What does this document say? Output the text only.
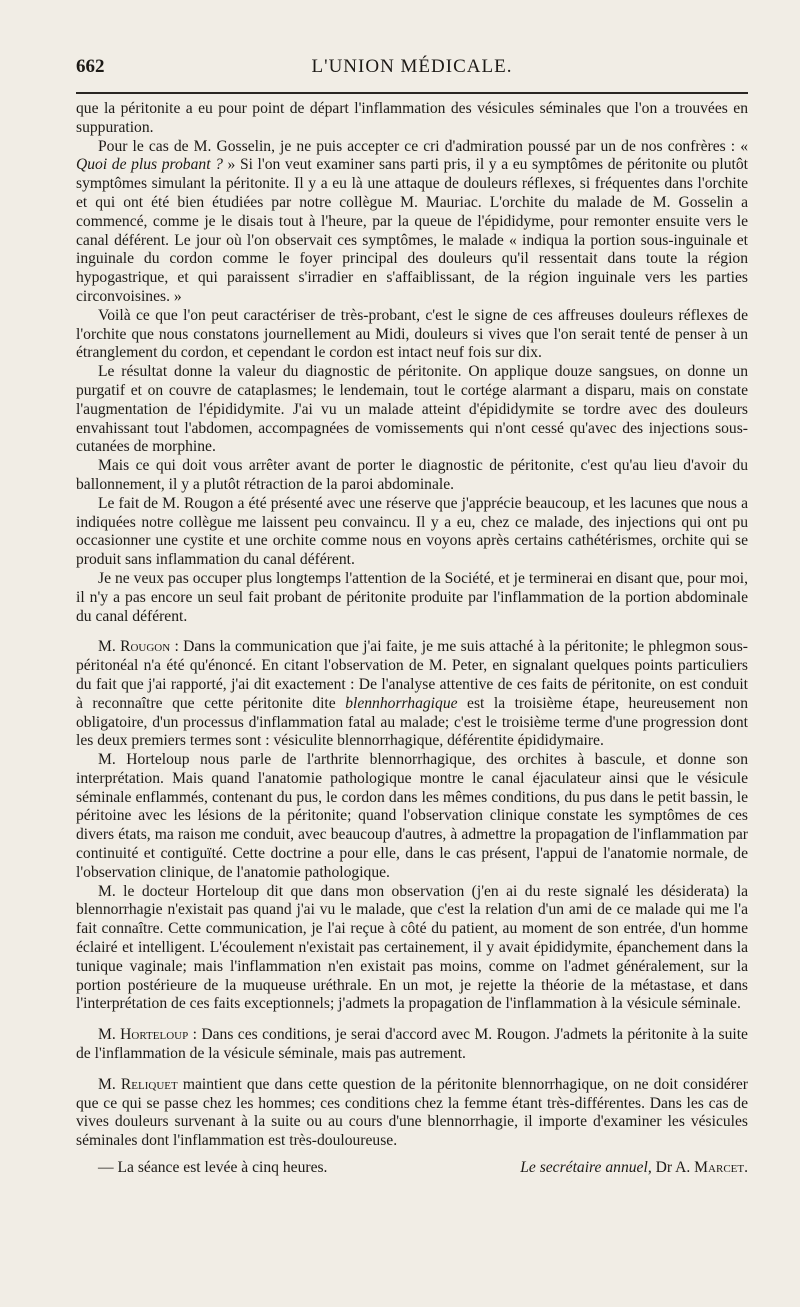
662	L'UNION MÉDICALE.

que la péritonite a eu pour point de départ l'inflammation des vésicules séminales que l'on a trouvées en suppuration.

Pour le cas de M. Gosselin, je ne puis accepter ce cri d'admiration poussé par un de nos confrères : « Quoi de plus probant ? » Si l'on veut examiner sans parti pris, il y a eu symptômes de péritonite ou plutôt symptômes simulant la péritonite. Il y a eu là une attaque de douleurs réflexes, si fréquentes dans l'orchite et qui ont été bien étudiées par notre collègue M. Mauriac. L'orchite du malade de M. Gosselin a commencé, comme je le disais tout à l'heure, par la queue de l'épididyme, pour remonter ensuite vers le canal déférent. Le jour où l'on observait ces symptômes, le malade « indiqua la portion sous-inguinale et inguinale du cordon comme le foyer principal des douleurs qu'il ressentait dans toute la région hypogastrique, et qui paraissent s'irradier en s'affaiblissant, de la région inguinale vers les parties circonvoisines. »

Voilà ce que l'on peut caractériser de très-probant, c'est le signe de ces affreuses douleurs réflexes de l'orchite que nous constatons journellement au Midi, douleurs si vives que l'on serait tenté de penser à un étranglement du cordon, et cependant le cordon est intact neuf fois sur dix.

Le résultat donne la valeur du diagnostic de péritonite. On applique douze sangsues, on donne un purgatif et on couvre de cataplasmes; le lendemain, tout le cortége alarmant a disparu, mais on constate l'augmentation de l'épididymite. J'ai vu un malade atteint d'épididymite se tordre avec des douleurs envahissant tout l'abdomen, accompagnées de vomissements qui n'ont cessé qu'avec des injections sous-cutanées de morphine.

Mais ce qui doit vous arrêter avant de porter le diagnostic de péritonite, c'est qu'au lieu d'avoir du ballonnement, il y a plutôt rétraction de la paroi abdominale.

Le fait de M. Rougon a été présenté avec une réserve que j'apprécie beaucoup, et les lacunes que nous a indiquées notre collègue me laissent peu convaincu. Il y a eu, chez ce malade, des injections qui ont pu occasionner une cystite et une orchite comme nous en voyons après certains cathétérismes, orchite qui se produit sans inflammation du canal déférent.

Je ne veux pas occuper plus longtemps l'attention de la Société, et je terminerai en disant que, pour moi, il n'y a pas encore un seul fait probant de péritonite produite par l'inflammation de la portion abdominale du canal déférent.

M. Rougon : Dans la communication que j'ai faite, je me suis attaché à la péritonite; le phlegmon sous-péritonéal n'a été qu'énoncé. En citant l'observation de M. Peter, en signalant quelques points particuliers du fait que j'ai rapporté, j'ai dit exactement : De l'analyse attentive de ces faits de péritonite, on est conduit à reconnaître que cette péritonite dite blennhorrhagique est la troisième étape, heureusement non obligatoire, d'un processus d'inflammation fatal au malade; c'est le troisième terme d'une progression dont les deux premiers termes sont : vésiculite blennorrhagique, déférentite épididymaire.

M. Horteloup nous parle de l'arthrite blennorrhagique, des orchites à bascule, et donne son interprétation. Mais quand l'anatomie pathologique montre le canal éjaculateur ainsi que le vésicule séminale enflammés, contenant du pus, le cordon dans les mêmes conditions, du pus dans le petit bassin, le péritoine avec les lésions de la péritonite; quand l'observation clinique constate les symptômes de ces divers états, ma raison me conduit, avec beaucoup d'autres, à admettre la propagation de l'inflammation par continuité et contiguïté. Cette doctrine a pour elle, dans le cas présent, l'appui de l'anatomie normale, de l'observation clinique, de l'anatomie pathologique.

M. le docteur Horteloup dit que dans mon observation (j'en ai du reste signalé les désiderata) la blennorrhagie n'existait pas quand j'ai vu le malade, que c'est la relation d'un ami de ce malade qui me l'a fait connaître. Cette communication, je l'ai reçue à côté du patient, au moment de son entrée, d'un homme éclairé et intelligent. L'écoulement n'existait pas certainement, il y avait épididymite, épanchement dans la tunique vaginale; mais l'inflammation n'en existait pas moins, comme on l'admet généralement, sur la portion postérieure de la muqueuse uréthrale. En un mot, je rejette la théorie de la métastase, et dans l'interprétation de ces faits exceptionnels; j'admets la propagation de l'inflammation à la vésicule séminale.

M. Horteloup : Dans ces conditions, je serai d'accord avec M. Rougon. J'admets la péritonite à la suite de l'inflammation de la vésicule séminale, mais pas autrement.

M. Reliquet maintient que dans cette question de la péritonite blennorrhagique, on ne doit considérer que ce qui se passe chez les hommes; ces conditions chez la femme étant très-différentes. Dans les cas de vives douleurs survenant à la suite ou au cours d'une blennorrhagie, il importe d'examiner les vésicules séminales dont l'inflammation est très-douloureuse.

— La séance est levée à cinq heures.	Le secrétaire annuel, Dr A. Marcet.
